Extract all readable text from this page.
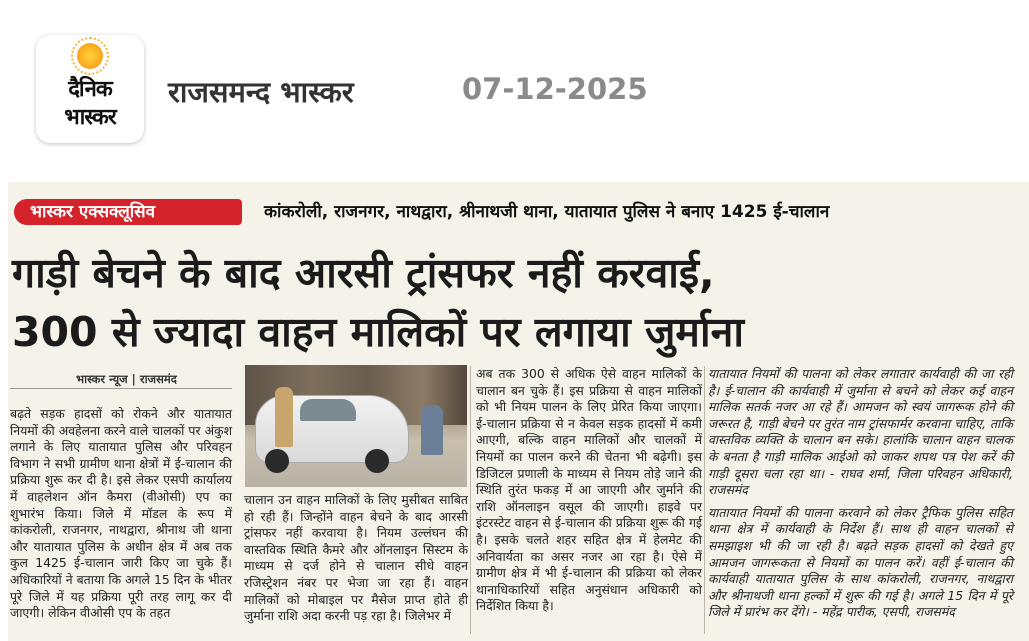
दैनिक
भास्कर
राजसमन्द भास्कर	07-12-2025
भास्कर एक्सक्लूसिव	कांकरोली, राजनगर, नाथद्वारा, श्रीनाथजी थाना, यातायात पुलिस ने बनाए 1425 ई-चालान
गाड़ी बेचने के बाद आरसी ट्रांसफर नहीं करवाई,
300 से ज्यादा वाहन मालिकों पर लगाया जुर्माना
भास्कर न्यूज | राजसमंद

बढ़ते सड़क हादसों को रोकने और यातायात नियमों की अवहेलना करने वाले चालकों पर अंकुश लगाने के लिए यातायात पुलिस और परिवहन विभाग ने सभी ग्रामीण थाना क्षेत्रों में ई-चालान की प्रक्रिया शुरू कर दी है। इसे लेकर एसपी कार्यालय में वाहलेशन ऑन कैमरा (वीओसी) एप का शुभारंभ किया। जिले में मॉडल के रूप में कांकरोली, राजनगर, नाथद्वारा, श्रीनाथ जी थाना और यातायात पुलिस के अधीन क्षेत्र में अब तक कुल 1425 ई-चालान जारी किए जा चुके हैं। अधिकारियों ने बताया कि अगले 15 दिन के भीतर पूरे जिले में यह प्रक्रिया पूरी तरह लागू कर दी जाएगी। लेकिन वीओसी एप के तहत

चालान उन वाहन मालिकों के लिए मुसीबत साबित हो रही हैं। जिन्होंने वाहन बेचने के बाद आरसी ट्रांसफर नहीं करवाया है। नियम उल्लंघन की वास्तविक स्थिति कैमरे और ऑनलाइन सिस्टम के माध्यम से दर्ज होने से चालान सीधे वाहन रजिस्ट्रेशन नंबर पर भेजा जा रहा हैं। वाहन मालिकों को मोबाइल पर मैसेज प्राप्त होते ही जुर्माना राशि अदा करनी पड़ रहा है। जिलेभर में

अब तक 300 से अधिक ऐसे वाहन मालिकों के चालान बन चुके हैं। इस प्रक्रिया से वाहन मालिकों को भी नियम पालन के लिए प्रेरित किया जाएगा। ई-चालान प्रक्रिया से न केवल सड़क हादसों में कमी आएगी, बल्कि वाहन मालिकों और चालकों में नियमों का पालन करने की चेतना भी बढ़ेगी। इस डिजिटल प्रणाली के माध्यम से नियम तोड़े जाने की स्थिति तुरंत फकड़ में आ जाएगी और जुर्माने की राशि ऑनलाइन वसूल की जाएगी। हाइवे पर इंटरस्टेट वाहन से ई-चालान की प्रक्रिया शुरू की गई है। इसके चलते शहर सहित क्षेत्र में हेलमेट की अनिवार्यता का असर नजर आ रहा है। ऐसे में ग्रामीण क्षेत्र में भी ई-चालान की प्रक्रिया को लेकर थानाधिकारियों सहित अनुसंधान अधिकारी को निर्देशित किया है।

यातायात नियमों की पालना को लेकर लगातार कार्यवाही की जा रही है। ई-चालान की कार्यवाही में जुर्माना से बचने को लेकर कई वाहन मालिक सतर्क नजर आ रहे हैं। आमजन को स्वयं जागरूक होने की जरूरत है, गाड़ी बेचने पर तुरंत नाम ट्रांसफार्मर करवाना चाहिए, ताकि वास्तविक व्यक्ति के चालान बन सके। हालांकि चालान वाहन चालक के बनता है गाड़ी मालिक आईओ को जाकर शपथ पत्र पेश करें की गाड़ी दूसरा चला रहा था। - राघव शर्मा, जिला परिवहन अधिकारी, राजसमंद

यातायात नियमों की पालना करवाने को लेकर ट्रैफिक पुलिस सहित थाना क्षेत्र में कार्यवाही के निर्देश हैं। साथ ही वाहन चालकों से समझाइश भी की जा रही है। बढ़ते सड़क हादसों को देखते हुए आमजन जागरूकता से नियमों का पालन करें। वहीं ई-चालान की कार्यवाही यातायात पुलिस के साथ कांकरोली, राजनगर, नाथद्वारा और श्रीनाथजी थाना हल्कों में शुरू की गई है। अगले 15 दिन में पूरे जिले में प्रारंभ कर देंगे। - महेंद्र पारीक, एसपी, राजसमंद
